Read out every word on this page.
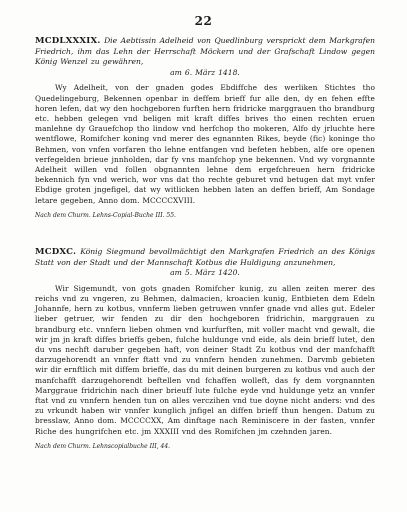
22
MCDLXXXIX. Die Aebtissin Adelheid von Quedlinburg versprickt dem Markgrafen Friedrich, ihm das Lehn der Herrschaft Möckern und der Grafschaft Lindow gegen König Wenzel zu gewähren,
am 6. März 1418.

Wy Adelheit, von der gnaden godes Ebdiffche des werliken Stichtes tho Quedelingeburg, Bekennen openbar in deffem brieff fur alle den, dy en fehen effte horen lefen, dat wy den hochgeboren furften hern fridricke marggrauen tho brandburg etc. hebben gelegen vnd beligen mit kraft diffes brives tho einen rechten eruen manlehne dy Grauefchop tho lindow vnd herfchop tho mokeren, Alfo dy jrluchte here wentflowe, Romifcher koning vnd merer des egnannten Rikes, beyde (fic) koninge tho Behmen, von vnfen vorfaren tho lehne entfangen vnd befeten hebben, alfe ore openen verfegelden brieue jnnholden, dar fy vns manfchop yne bekennen. Vnd wy vorgnannte Adelheit willen vnd follen obgnannten lehne dem ergefchreuen hern fridricke bekennich fyn vnd werich, wor vns dat tho rechte geburet vnd betugen dat myt vnfer Ebdige groten jngefigel, dat wy witlicken hebben laten an deffen brieff, Am Sondage letare gegeben, Anno dom. MCCCCXVIII.

Nach dem Churm. Lehns-Copial-Buche III. 55.
MCDXC. König Siegmund bevollmächtigt den Markgrafen Friedrich an des Königs Statt von der Stadt und der Mannschaft Kotbus die Huldigung anzunehmen,
am 5. März 1420.

Wir Sigemundt, von gots gnaden Romifcher kunig, zu allen zeiten merer des reichs vnd zu vngeren, zu Behmen, dalmacien, kroacien kunig, Entbieten dem Edeln Johannfe, hern zu kotbus, vnnferm lieben getruwen vnnfer gnade vnd alles gut. Edeler lieber getruer, wir fenden zu dir den hochgeboren fridrichin, marggrauen zu brandburg etc. vnnfern lieben ohmen vnd kurfurften, mit voller macht vnd gewalt, die wir jm jn kraft diffes brieffs geben, fulche huldunge vnd eide, als dein brieff lutet, den du vns nechft daruber gegeben haft, von deiner Stadt Zu kotbus vnd der manfchafft darzugehorendt an vnnfer ftatt vnd zu vnnfern henden zunehmen. Darvmb gebieten wir dir ernftlich mit diffem brieffe, das du mit deinen burgeren zu kotbus vnd auch der manfchafft darzugehorendt beftellen vnd fchaffen wolleft, das fy dem vorgnannten Marggraue fridrichin nach diner brieuff lute fulche eyde vnd huldunge yetz an vnnfer ftat vnd zu vnnfern henden tun on alles verczihen vnd tue doyne nicht anders: vnd des zu vrkundt haben wir vnnfer kunglich jnfigel an diffen brieff thun hengen. Datum zu bresslaw, Anno dom. MCCCCXX, Am dinftage nach Reminiscere in der fasten, vnnfer Riche des hungrifchen etc. jm XXXIII vnd des Romifchen jm czehnden jaren.

Nach dem Churm. Lehnscopialbuche III, 44.
